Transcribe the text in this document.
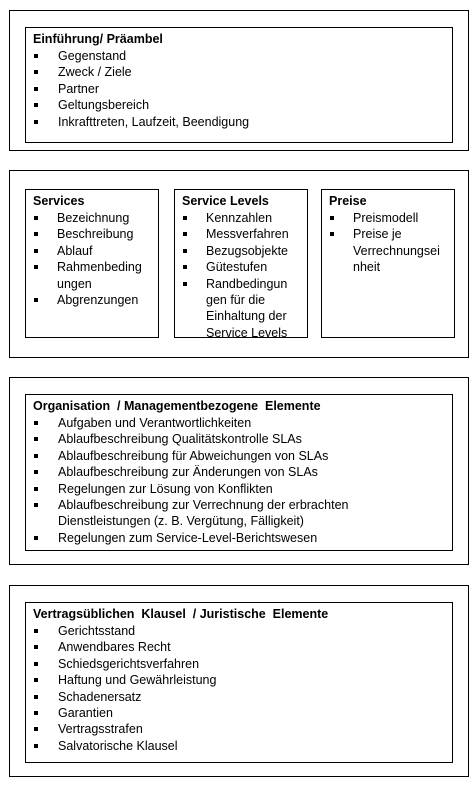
Einführung/ Präambel
Gegenstand
Zweck / Ziele
Partner
Geltungsbereich
Inkrafttreten, Laufzeit, Beendigung
Services
Bezeichnung
Beschreibung
Ablauf
Rahmenbeding ungen
Abgrenzungen
Service Levels
Kennzahlen
Messverfahren
Bezugsobjekte
Gütestufen
Randbedingun gen für die Einhaltung der Service Levels
Preise
Preismodell
Preise je Verrechnungsei nheit
Organisation  / Managementbezogene  Elemente
Aufgaben und Verantwortlichkeiten
Ablaufbeschreibung Qualitätskontrolle SLAs
Ablaufbeschreibung für Abweichungen von SLAs
Ablaufbeschreibung zur Änderungen von SLAs
Regelungen zur Lösung von Konflikten
Ablaufbeschreibung zur Verrechnung der erbrachten Dienstleistungen (z. B. Vergütung, Fälligkeit)
Regelungen zum Service-Level-Berichtswesen
Vertragsüblichen  Klausel  / Juristische  Elemente
Gerichtsstand
Anwendbares Recht
Schiedsgerichtsverfahren
Haftung und Gewährleistung
Schadenersatz
Garantien
Vertragsstrafen
Salvatorische Klausel
